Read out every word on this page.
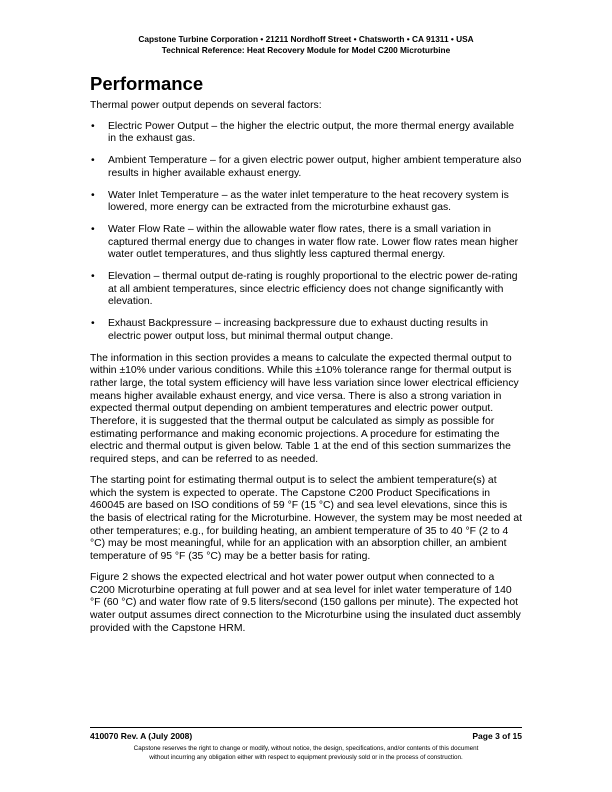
Capstone Turbine Corporation • 21211 Nordhoff Street • Chatsworth • CA 91311 • USA
Technical Reference: Heat Recovery Module for Model C200 Microturbine
Performance

Thermal power output depends on several factors:

• Electric Power Output – the higher the electric output, the more thermal energy available in the exhaust gas.
• Ambient Temperature – for a given electric power output, higher ambient temperature also results in higher available exhaust energy.
• Water Inlet Temperature – as the water inlet temperature to the heat recovery system is lowered, more energy can be extracted from the microturbine exhaust gas.
• Water Flow Rate – within the allowable water flow rates, there is a small variation in captured thermal energy due to changes in water flow rate. Lower flow rates mean higher water outlet temperatures, and thus slightly less captured thermal energy.
• Elevation – thermal output de-rating is roughly proportional to the electric power de-rating at all ambient temperatures, since electric efficiency does not change significantly with elevation.
• Exhaust Backpressure – increasing backpressure due to exhaust ducting results in electric power output loss, but minimal thermal output change.

The information in this section provides a means to calculate the expected thermal output to within ±10% under various conditions. While this ±10% tolerance range for thermal output is rather large, the total system efficiency will have less variation since lower electrical efficiency means higher available exhaust energy, and vice versa. There is also a strong variation in expected thermal output depending on ambient temperatures and electric power output. Therefore, it is suggested that the thermal output be calculated as simply as possible for estimating performance and making economic projections. A procedure for estimating the electric and thermal output is given below. Table 1 at the end of this section summarizes the required steps, and can be referred to as needed.

The starting point for estimating thermal output is to select the ambient temperature(s) at which the system is expected to operate. The Capstone C200 Product Specifications in 460045 are based on ISO conditions of 59 °F (15 °C) and sea level elevations, since this is the basis of electrical rating for the Microturbine. However, the system may be most needed at other temperatures; e.g., for building heating, an ambient temperature of 35 to 40 °F (2 to 4 °C) may be most meaningful, while for an application with an absorption chiller, an ambient temperature of 95 °F (35 °C) may be a better basis for rating.

Figure 2 shows the expected electrical and hot water power output when connected to a C200 Microturbine operating at full power and at sea level for inlet water temperature of 140 °F (60 °C) and water flow rate of 9.5 liters/second (150 gallons per minute). The expected hot water output assumes direct connection to the Microturbine using the insulated duct assembly provided with the Capstone HRM.

410070 Rev. A (July 2008)	Page 3 of 15
Capstone reserves the right to change or modify, without notice, the design, specifications, and/or contents of this document
without incurring any obligation either with respect to equipment previously sold or in the process of construction.
